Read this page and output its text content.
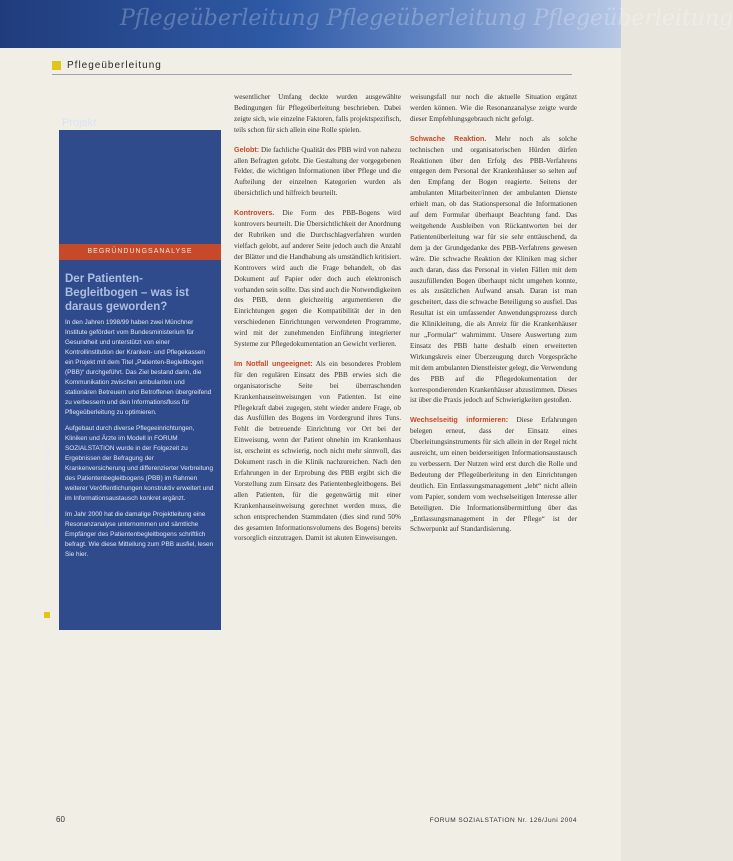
Pflegeüberleitung Pflegeüberleitung Pflegeüberleitung
Pflegeüberleitung
Projekt
BEGRÜNDUNGSANALYSE
Der Patienten-Begleitbogen – was ist daraus geworden?

In den Jahren 1998/99 haben zwei Münchner Institute gefördert vom Bundesministerium für Gesundheit und unterstützt von einer Kontrollinstitution der Kranken- und Pflegekassen ein Projekt mit dem Titel „Patienten-Begleitbogen (PBB)“ durchgeführt. Das Ziel bestand darin, die Kommunikation zwischen ambulanten und stationären Betreuern und Betroffenen übergreifend zu verbessern und den Informationsfluss für Pflegeüberleitung zu optimieren.

Aufgebaut durch diverse Pflegeeinrichtungen, Kliniken und Ärzte im Modell in FORUM SOZIALSTATION wurde in der Folgezeit zu Ergebnissen der Befragung der Krankenversicherung und differenzierter Verbreitung des Patientenbegleitbogens (PBB) im Rahmen weiterer Veröffentlichungen konstruktiv erweitert und im Informationsaustausch konkret ergänzt.

Im Jahr 2000 hat die damalige Projektleitung eine Resonanzanalyse unternommen und sämtliche Empfänger des Patientenbegleitbogens schriftlich befragt. Wie diese Mitteilung zum PBB ausfiel, lesen Sie hier.

FORUM SOZIALSTATION

wesentlicher Umfang deckte wurden ausgewählte Bedingungen für Pflegeüberleitung beschrieben. Dabei zeigte sich, wie einzelne Faktoren, falls projektspezifisch, teils schon für sich allein eine Rolle spielen.

Gelobt: Die fachliche Qualität des PBB wird von nahezu allen Befragten gelobt. Die Gestaltung der vorgegebenen Felder, die wichtigen Informationen über Pflege und die Aufteilung der einzelnen Kategorien wurden als übersichtlich und hilfreich beurteilt.

Kontrovers. Die Form des PBB-Bogens wird kontrovers beurteilt. Die Übersichtlichkeit der Anordnung der Rubriken und die Durchschlagverfahren wurden vielfach gelobt, auf anderer Seite jedoch auch die Anzahl der Blätter und die Handhabung als umständlich kritisiert. Kontrovers wird auch die Frage behandelt, ob das Dokument auf Papier oder doch auch elektronisch vorhanden sein sollte. Das sind auch die Notwendigkeiten des PBB, denn gleichzeitig argumentieren die Einrichtungen gegen die Kompatibilität der in den verschiedenen Einrichtungen verwendeten Programme, wird mit der zunehmenden Einführung integrierter Systeme zur Pflegedokumentation an Gewicht verlieren.

Im Notfall ungeeignet: Als ein besonderes Problem für den regulären Einsatz des PBB erwies sich die organisatorische Seite bei überraschenden Krankenhauseinweisungen von Patienten. Ist eine Pflegekraft dabei zugegen, steht wieder andere Frage, ob das Ausfüllen des Bogens im Vordergrund ihres Tuns. Fehlt die betreuende Einrichtung vor Ort bei der Einweisung, wenn der Patient ohnehin im Krankenhaus ist, erscheint es schwierig, noch nicht mehr sinnvoll, das Dokument rasch in die Klinik nachzureichen. Nach den Erfahrungen in der Erprobung des PBB ergibt sich die Vorstellung zum Einsatz des Patientenbegleitbogens. Bei allen Patienten, für die gegenwärtig mit einer Krankenhauseinweisung gerechnet werden muss, die schon entsprechenden Stammdaten (dies sind rund 50% des gesamten Informationsvolumens des Bogens) bereits vorsorglich einzutragen. Damit ist akuten Einweisungen.

weisungsfall nur noch die aktuelle Situation ergänzt werden können. Wie die Resonanzanalyse zeigte wurde dieser Empfehlungsgebrauch nicht gefolgt.

Schwache Reaktion. Mehr noch als solche technischen und organisatorischen Hürden dürfen Reaktionen über den Erfolg des PBB-Verfahrens entgegen dem Personal der Krankenhäuser so selten auf den Empfang der Bogen reagierte. Seitens der ambulanten Mitarbeiter/innen der ambulanten Dienste erhielt man, ob das Stationspersonal die Informationen auf dem Formular überhaupt Beachtung fand. Das weitgehende Ausbleiben von Rückantworten bei der Patientenüberleitung war für sie sehr enttäuschend, da dem ja der Grundgedanke des PBB-Verfahrens gewesen wäre. Die schwache Reaktion der Kliniken mag sicher auch daran, dass das Personal in vielen Fällen mit dem auszufüllenden Bogen überhaupt nicht umgehen konnte, es als zusätzlichen Aufwand ansah. Daran ist man gescheitert, dass die schwache Beteiligung so ausfiel. Das Resultat ist ein umfassender Anwendungsprozess durch die Klinikleitung, die als Anreiz für die Krankenhäuser nur „Formular“ wahrnimmt. Unsere Auswertung zum Einsatz des PBB hatte deshalb einen erweiterten Wirkungskreis einer Überzeugung durch Vorgespräche mit dem ambulanten Dienstleister gelegt, die Verwendung des PBB auf die Pflegedokumentation der korrespondierenden Krankenhäuser abzustimmen. Dieses ist über die Praxis jedoch auf Schwierigkeiten gestoßen.

Wechselseitig informieren: Diese Erfahrungen belegen erneut, dass der Einsatz eines Überleitungsinstruments für sich allein in der Regel nicht ausreicht, um einen beiderseitigen Informationsaustausch zu verbessern. Der Nutzen wird erst durch die Rolle und Bedeutung der Pflegeüberleitung in den Einrichtungen deutlich. Ein Entlassungsmanagement „lebt“ nicht allein vom Papier, sondern vom wechselseitigen Interesse aller Beteiligten. Die Informationsübermittlung über das „Entlassungsmanagement in der Pflege“ ist der Schwerpunkt auf Standardisierung.

60	FORUM SOZIALSTATION Nr. 126/Juni 2004
